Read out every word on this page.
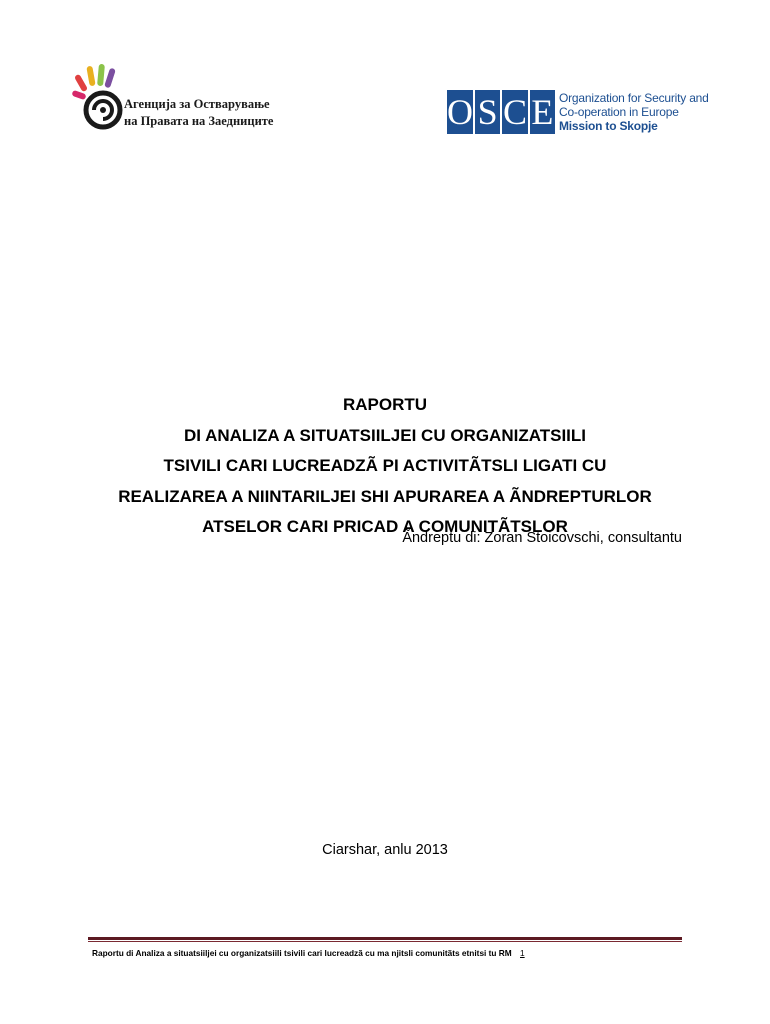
Агенција за Остварување
на Правата на Заедниците	O S C E Organization for Security and
Co-operation in Europe
Mission to Skopje
RAPORTU
DI ANALIZA A SITUATSIILJEI CU ORGANIZATSIILI
TSIVILI CARI LUCREADZÃ PI ACTIVITÃTSLI LIGATI CU
REALIZAREA A NIINTARILJEI SHI APURAREA A ÃNDREPTURLOR
ATSELOR CARI PRICAD A COMUNITÃTSLOR
Ãndreptu di: Zoran Stoicovschi, consultantu
Ciarshar, anlu 2013
Raportu di Analiza a situatsiiljei cu organizatsiili tsivili cari lucreadzã cu ma njitsli comunitãts etnitsi tu RM 1
